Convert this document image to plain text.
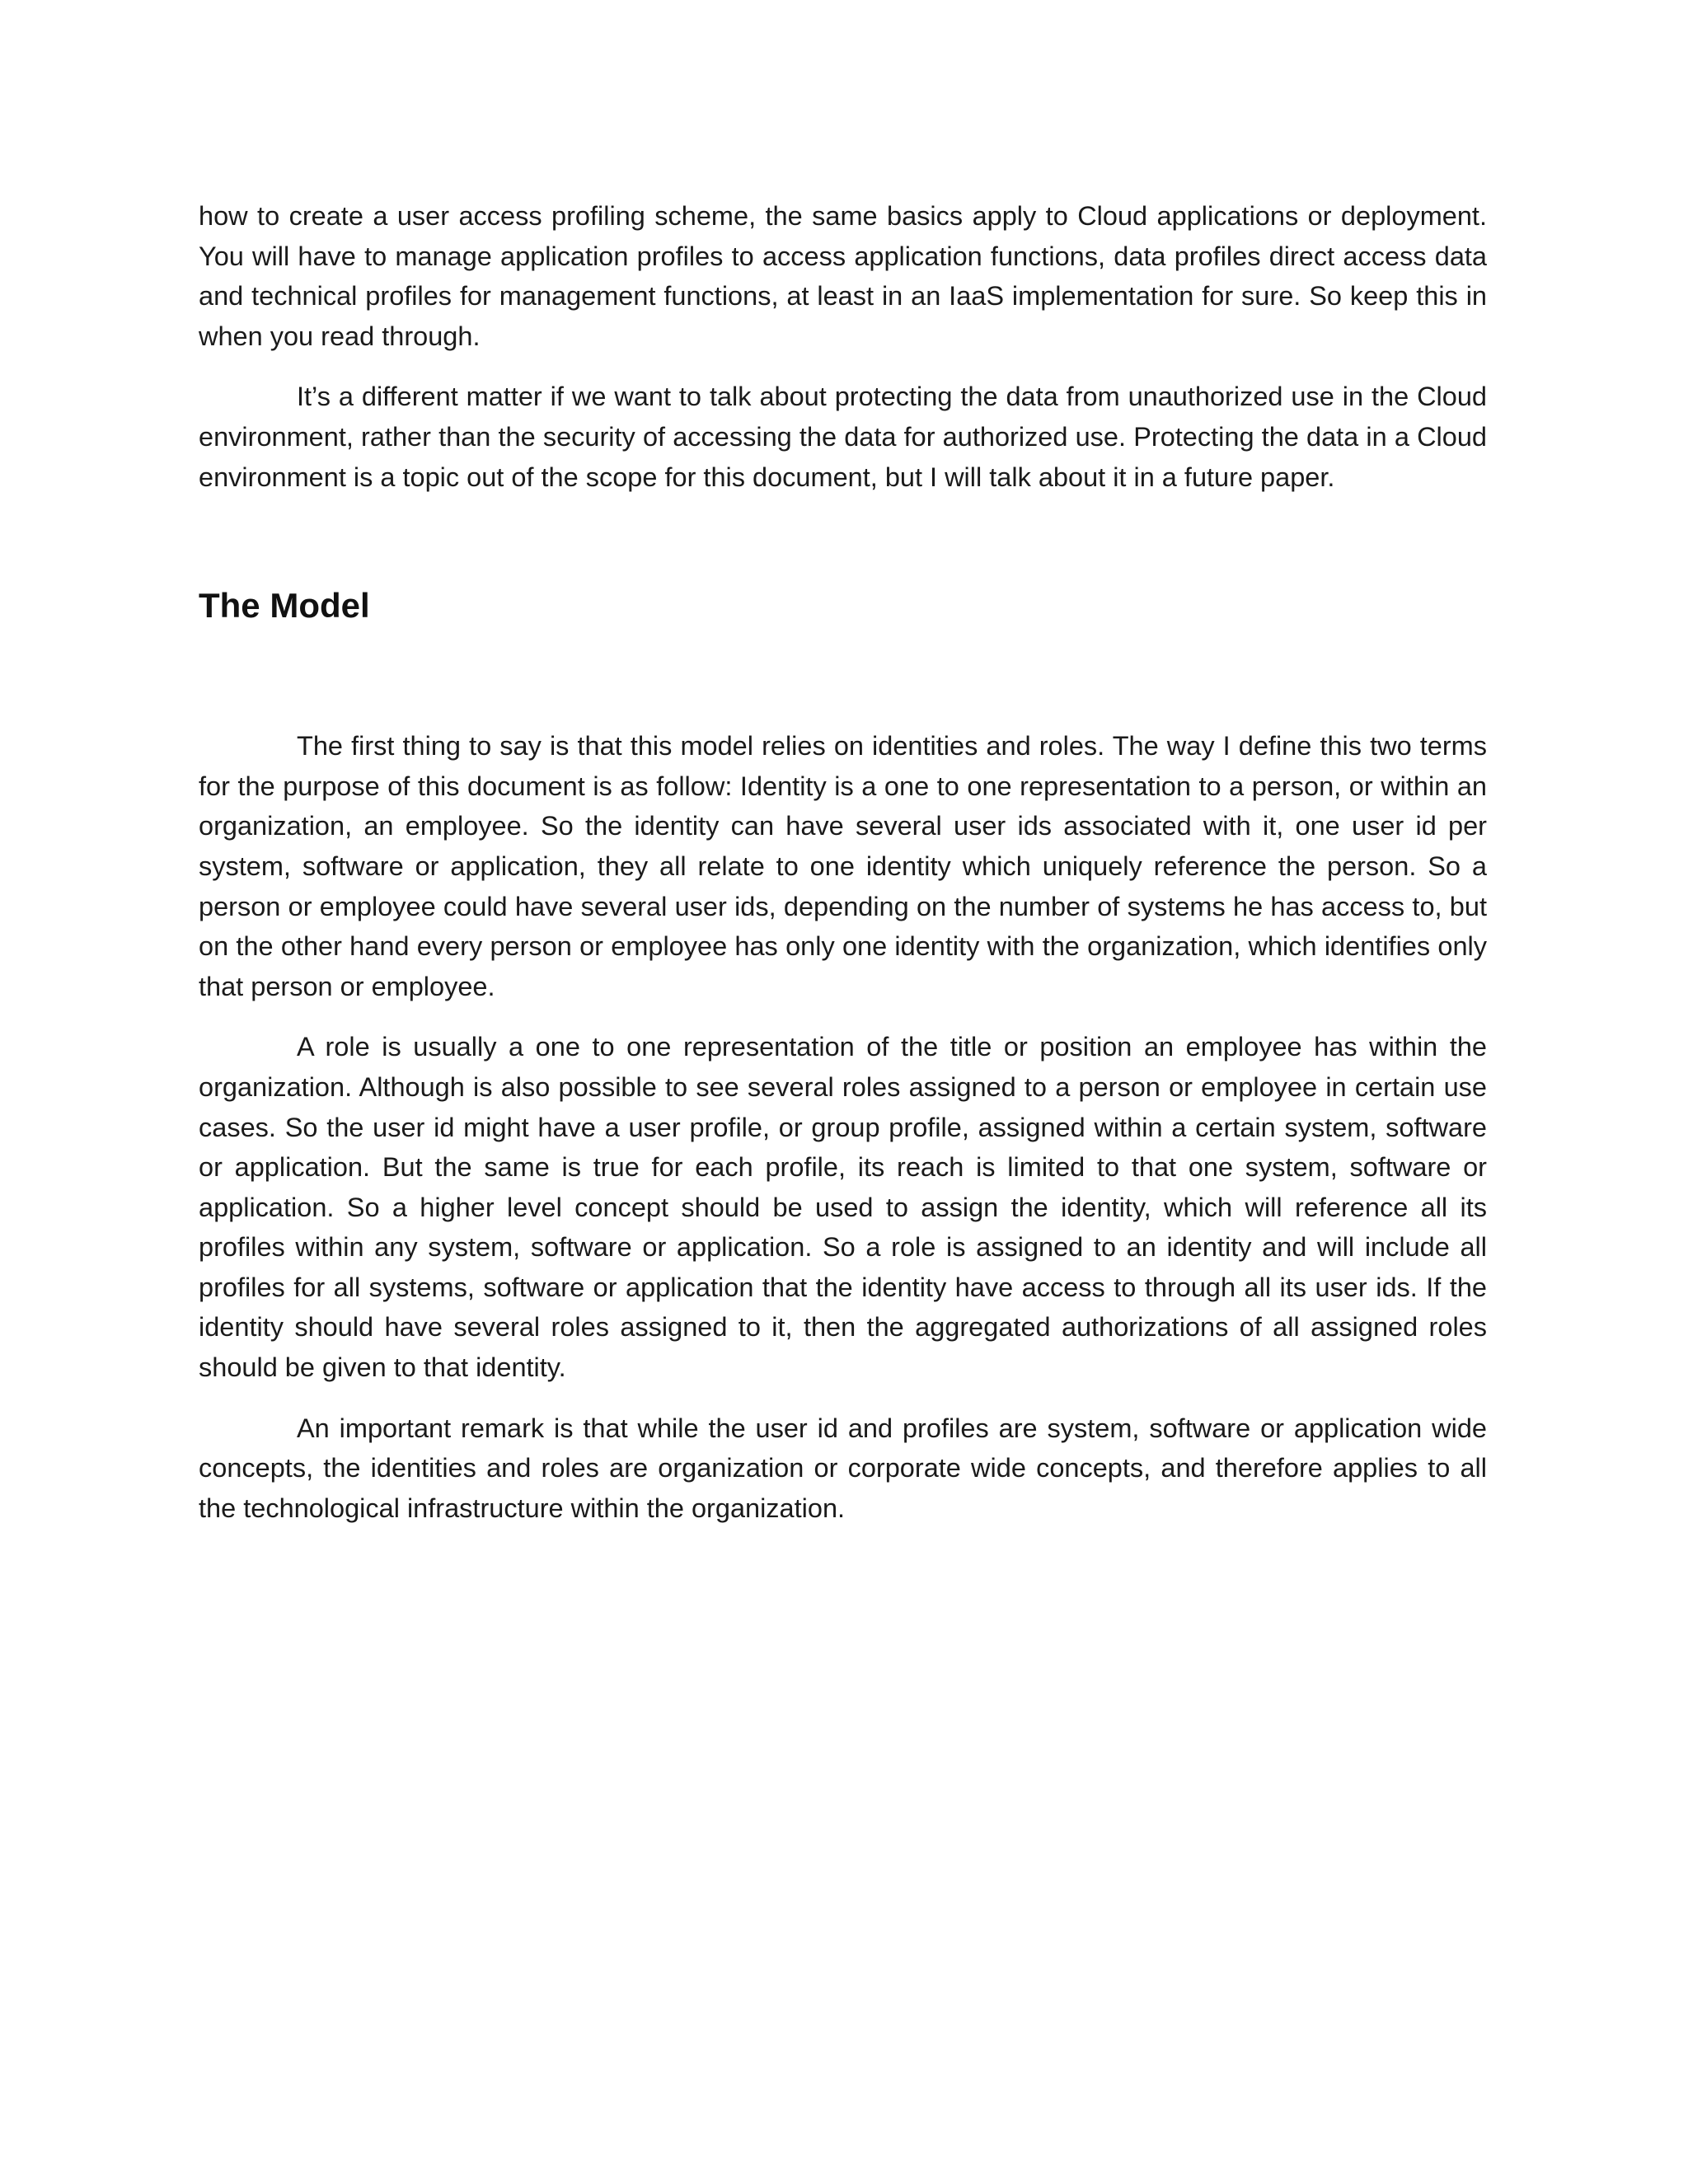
how to create a user access profiling scheme, the same basics apply to Cloud applications or deployment. You will have to manage application profiles to access application functions, data profiles direct access data and technical profiles for management functions, at least in an IaaS implementation for sure. So keep this in when you read through.

It’s a different matter if we want to talk about protecting the data from unauthorized use in the Cloud environment, rather than the security of accessing the data for authorized use. Protecting the data in a Cloud environment is a topic out of the scope for this document, but I will talk about it in a future paper.

The Model

The first thing to say is that this model relies on identities and roles. The way I define this two terms for the purpose of this document is as follow: Identity is a one to one representation to a person, or within an organization, an employee. So the identity can have several user ids associated with it, one user id per system, software or application, they all relate to one identity which uniquely reference the person. So a person or employee could have several user ids, depending on the number of systems he has access to, but on the other hand every person or employee has only one identity with the organization, which identifies only that person or employee.

A role is usually a one to one representation of the title or position an employee has within the organization. Although is also possible to see several roles assigned to a person or employee in certain use cases. So the user id might have a user profile, or group profile, assigned within a certain system, software or application. But the same is true for each profile, its reach is limited to that one system, software or application. So a higher level concept should be used to assign the identity, which will reference all its profiles within any system, software or application. So a role is assigned to an identity and will include all profiles for all systems, software or application that the identity have access to through all its user ids. If the identity should have several roles assigned to it, then the aggregated authorizations of all assigned roles should be given to that identity.

An important remark is that while the user id and profiles are system, software or application wide concepts, the identities and roles are organization or corporate wide concepts, and therefore applies to all the technological infrastructure within the organization.
